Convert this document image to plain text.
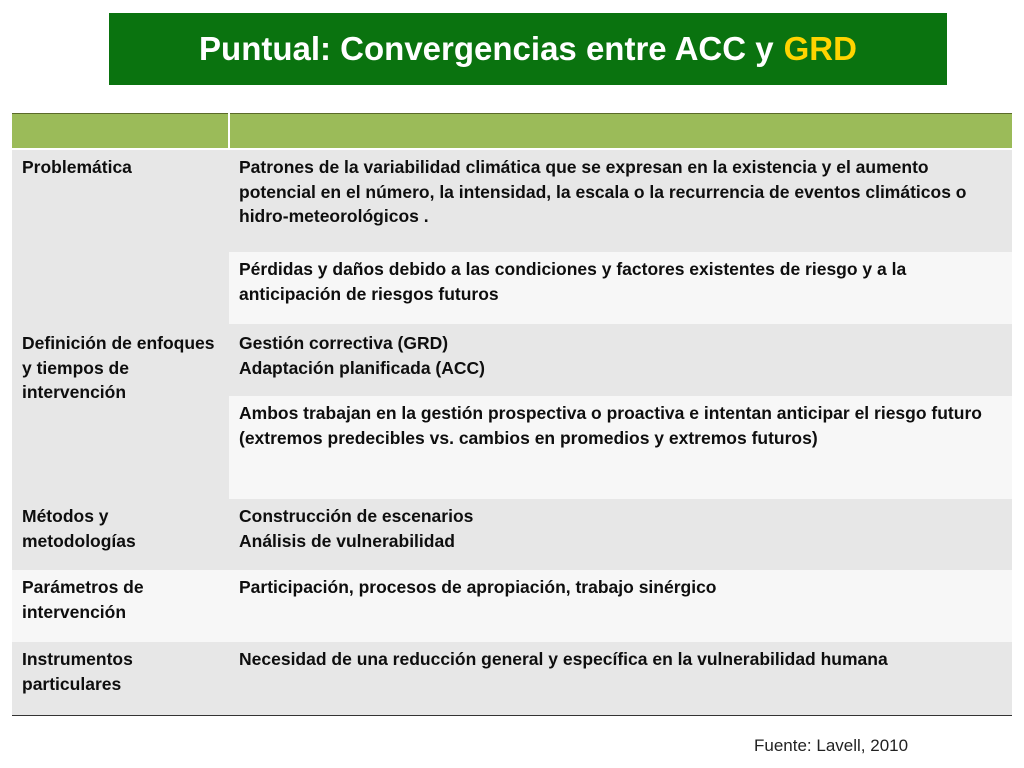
Puntual: Convergencias entre ACC y GRD

Problemática	Patrones de la variabilidad climática que se expresan en la existencia y el aumento potencial en el número, la intensidad, la escala o la recurrencia de eventos climáticos o hidro-meteorológicos .
	Pérdidas y daños debido a las condiciones y factores existentes de riesgo y a la anticipación de riesgos futuros
Definición de enfoques y tiempos de intervención	Gestión correctiva (GRD)
Adaptación planificada (ACC)

	Ambos trabajan en la gestión prospectiva o proactiva e intentan anticipar el riesgo futuro (extremos predecibles vs. cambios en promedios y extremos futuros)
Métodos y metodologías	Construcción de escenarios
Análisis de vulnerabilidad

Parámetros de intervención	Participación, procesos de apropiación, trabajo sinérgico
Instrumentos particulares	Necesidad de una reducción general y específica en la vulnerabilidad humana
Fuente: Lavell, 2010
